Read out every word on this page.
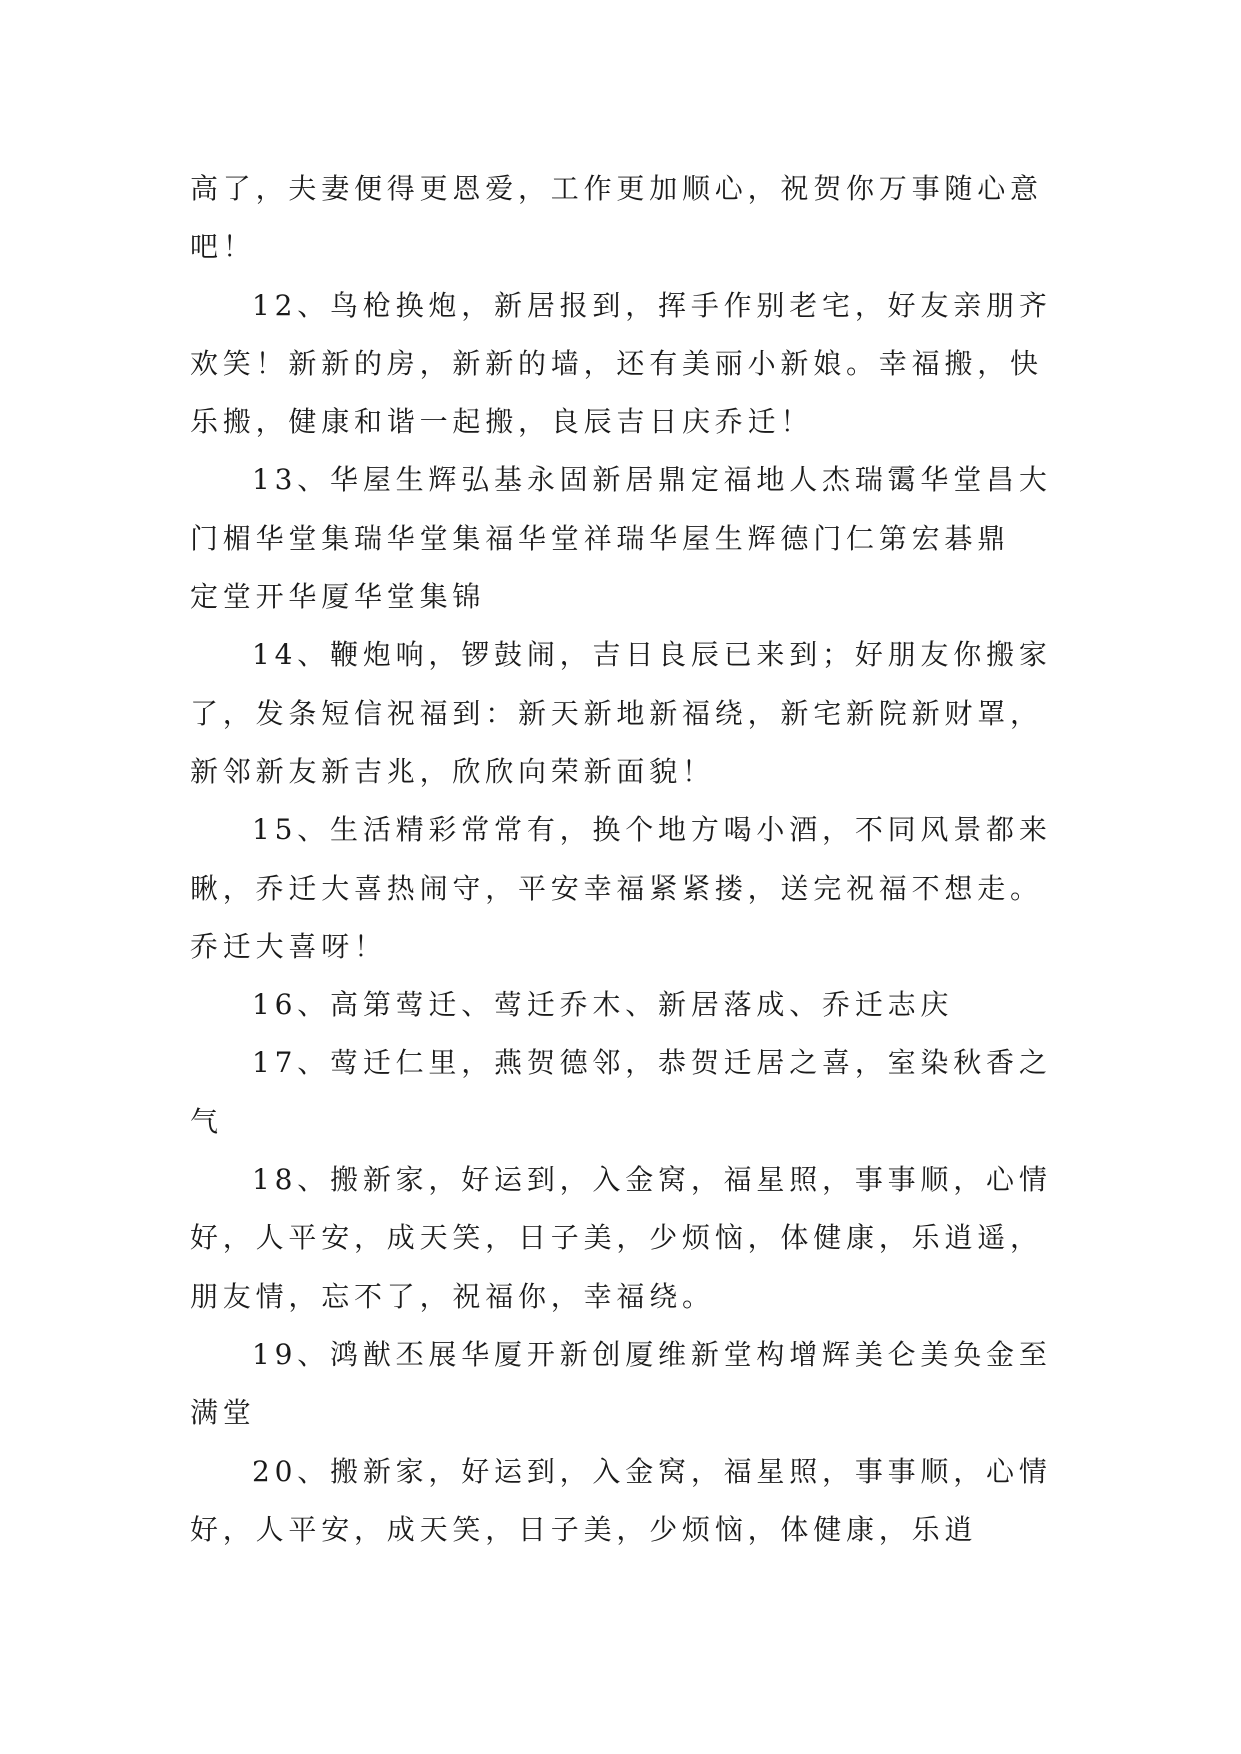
高了，夫妻便得更恩爱，工作更加顺心，祝贺你万事随心意
吧！
12、鸟枪换炮，新居报到，挥手作别老宅，好友亲朋齐
欢笑！新新的房，新新的墙，还有美丽小新娘。幸福搬，快
乐搬，健康和谐一起搬，良辰吉日庆乔迁！
13、华屋生辉弘基永固新居鼎定福地人杰瑞霭华堂昌大
门楣华堂集瑞华堂集福华堂祥瑞华屋生辉德门仁第宏碁鼎
定堂开华厦华堂集锦
14、鞭炮响，锣鼓闹，吉日良辰已来到；好朋友你搬家
了，发条短信祝福到：新天新地新福绕，新宅新院新财罩，
新邻新友新吉兆，欣欣向荣新面貌！
15、生活精彩常常有，换个地方喝小酒，不同风景都来
瞅，乔迁大喜热闹守，平安幸福紧紧搂，送完祝福不想走。
乔迁大喜呀！
16、高第莺迁、莺迁乔木、新居落成、乔迁志庆
17、莺迁仁里，燕贺德邻，恭贺迁居之喜，室染秋香之
气
18、搬新家，好运到，入金窝，福星照，事事顺，心情
好，人平安，成天笑，日子美，少烦恼，体健康，乐逍遥，
朋友情，忘不了，祝福你，幸福绕。
19、鸿猷丕展华厦开新创厦维新堂构增辉美仑美奂金至
满堂
20、搬新家，好运到，入金窝，福星照，事事顺，心情
好，人平安，成天笑，日子美，少烦恼，体健康，乐逍
